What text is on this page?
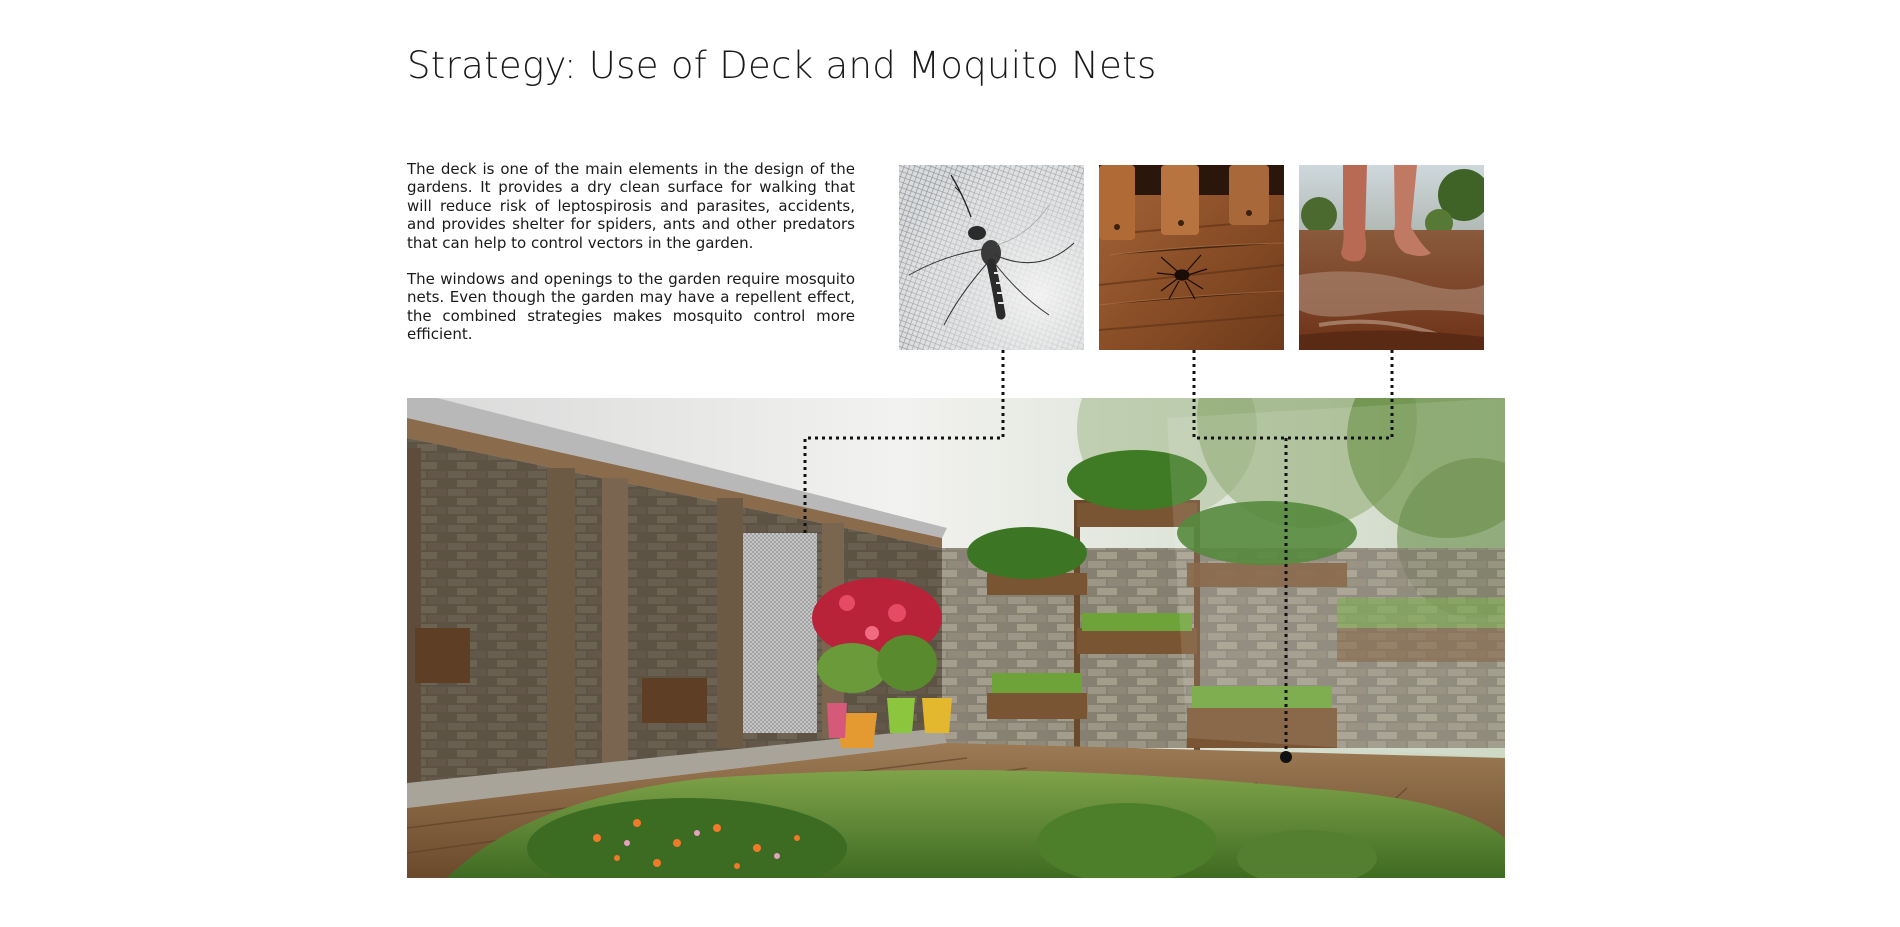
Strategy: Use of Deck and Moquito Nets

The deck is one of the main elements in the design of the gardens. It provides a dry clean surface for walking that will reduce risk of leptospirosis and parasites, accidents, and provides shelter for spiders, ants and other predators that can help to control vectors in the garden.

The windows and openings to the garden require mosquito nets. Even though the garden may have a repellent effect, the combined strategies makes mosquito control more efficient.
